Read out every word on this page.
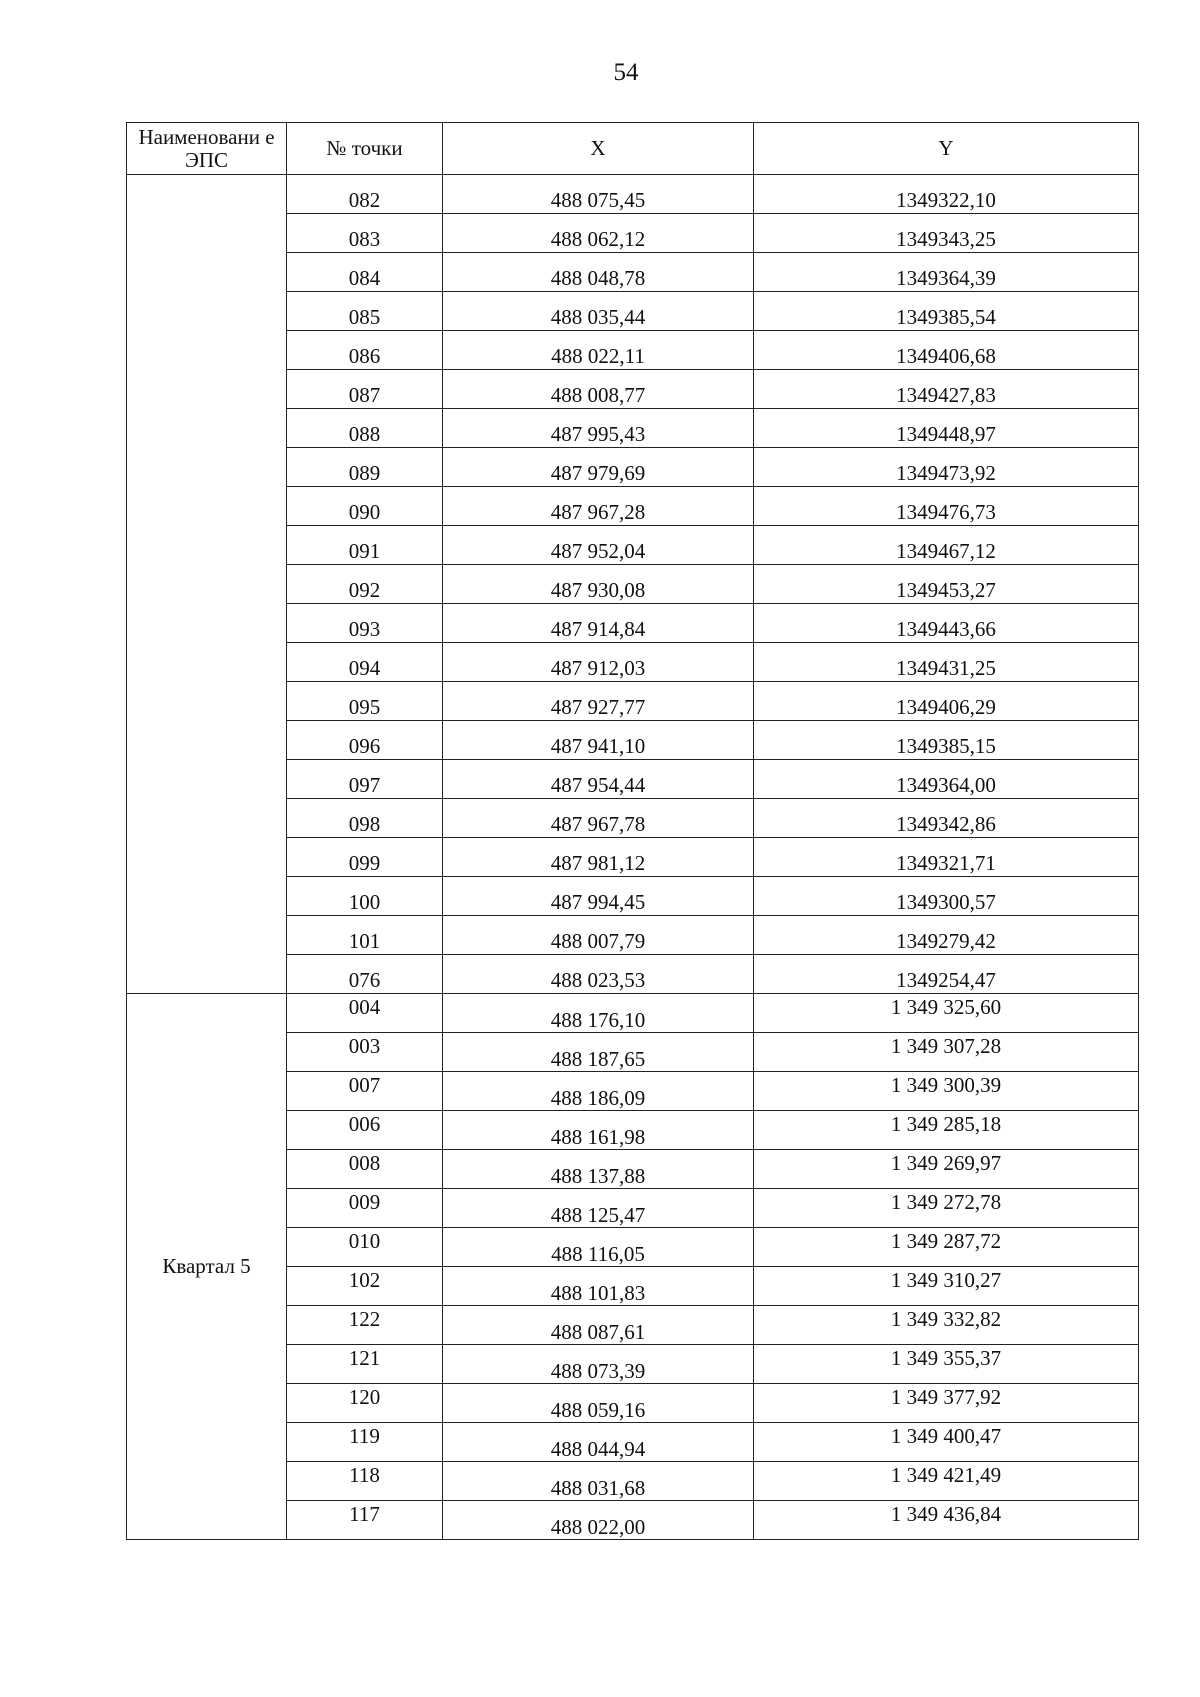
54
Наименовани е ЭПС	№ точки	X	Y
	082	488 075,45	1349322,10
	083	488 062,12	1349343,25
	084	488 048,78	1349364,39
	085	488 035,44	1349385,54
	086	488 022,11	1349406,68
	087	488 008,77	1349427,83
	088	487 995,43	1349448,97
	089	487 979,69	1349473,92
	090	487 967,28	1349476,73
	091	487 952,04	1349467,12
	092	487 930,08	1349453,27
	093	487 914,84	1349443,66
	094	487 912,03	1349431,25
	095	487 927,77	1349406,29
	096	487 941,10	1349385,15
	097	487 954,44	1349364,00
	098	487 967,78	1349342,86
	099	487 981,12	1349321,71
	100	487 994,45	1349300,57
	101	488 007,79	1349279,42
	076	488 023,53	1349254,47
Квартал 5	004	488 176,10	1 349 325,60
	003	488 187,65	1 349 307,28
	007	488 186,09	1 349 300,39
	006	488 161,98	1 349 285,18
	008	488 137,88	1 349 269,97
	009	488 125,47	1 349 272,78
	010	488 116,05	1 349 287,72
	102	488 101,83	1 349 310,27
	122	488 087,61	1 349 332,82
	121	488 073,39	1 349 355,37
	120	488 059,16	1 349 377,92
	119	488 044,94	1 349 400,47
	118	488 031,68	1 349 421,49
	117	488 022,00	1 349 436,84
